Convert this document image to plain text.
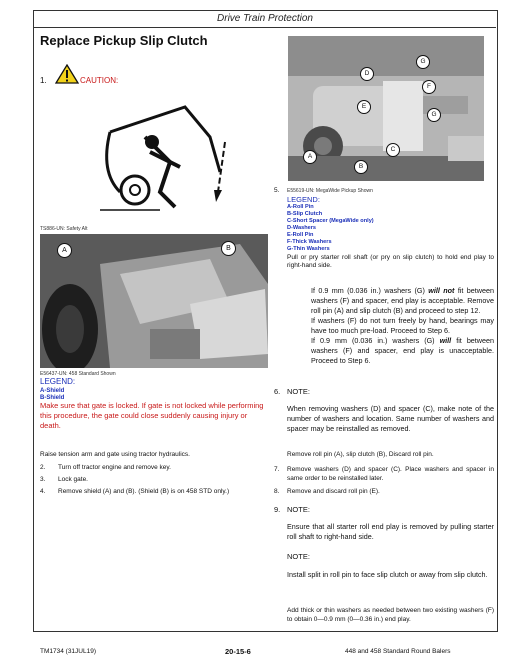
Drive Train Protection
Replace Pickup Slip Clutch
1.	CAUTION:
TS886-UN: Safety Alt
A	B
E56437-UN: 458 Standard Shown
LEGEND:
A-Shield
B-Shield
Make sure that gate is locked. If gate is not locked while performing this procedure, the gate could close suddenly causing injury or death.
Raise tension arm and gate using tractor hydraulics.
2. Turn off tractor engine and remove key.
3. Lock gate.
4. Remove shield (A) and (B). (Shield (B) is on 458 STD only.)
G
D
F
E
G
C
A
B
5. E55619-UN: MegaWide Pickup Shown
LEGEND:
A-Roll Pin
B-Slip Clutch
C-Short Spacer (MegaWide only)
D-Washers
E-Roll Pin
F-Thick Washers
G-Thin Washers
Pull or pry starter roll shaft (or pry on slip clutch) to hold end play to right-hand side.
If 0.9 mm (0.036 in.) washers (G) will not fit between washers (F) and spacer, end play is acceptable. Remove roll pin (A) and slip clutch (B) and proceed to step 12.
If washers (F) do not turn freely by hand, bearings may have too much pre-load. Proceed to Step 6.
If 0.9 mm (0.036 in.) washers (G) will fit between washers (F) and spacer, end play is unacceptable. Proceed to Step 6.
6. NOTE:
When removing washers (D) and spacer (C), make note of the number of washers and location. Same number of washers and spacer may be reinstalled as removed.
Remove roll pin (A), slip clutch (B), Discard roll pin.
7. Remove washers (D) and spacer (C). Place washers and spacer in same order to be reinstalled later.
8. Remove and discard roll pin (E).
9. NOTE:
Ensure that all starter roll end play is removed by pulling starter roll shaft to right-hand side.
NOTE:
Install split in roll pin to face slip clutch or away from slip clutch.
Add thick or thin washers as needed between two existing washers (F) to obtain 0—0.9 mm (0—0.36 in.) end play.
TM1734 (31JUL19)	20-15-6	448 and 458 Standard Round Balers
